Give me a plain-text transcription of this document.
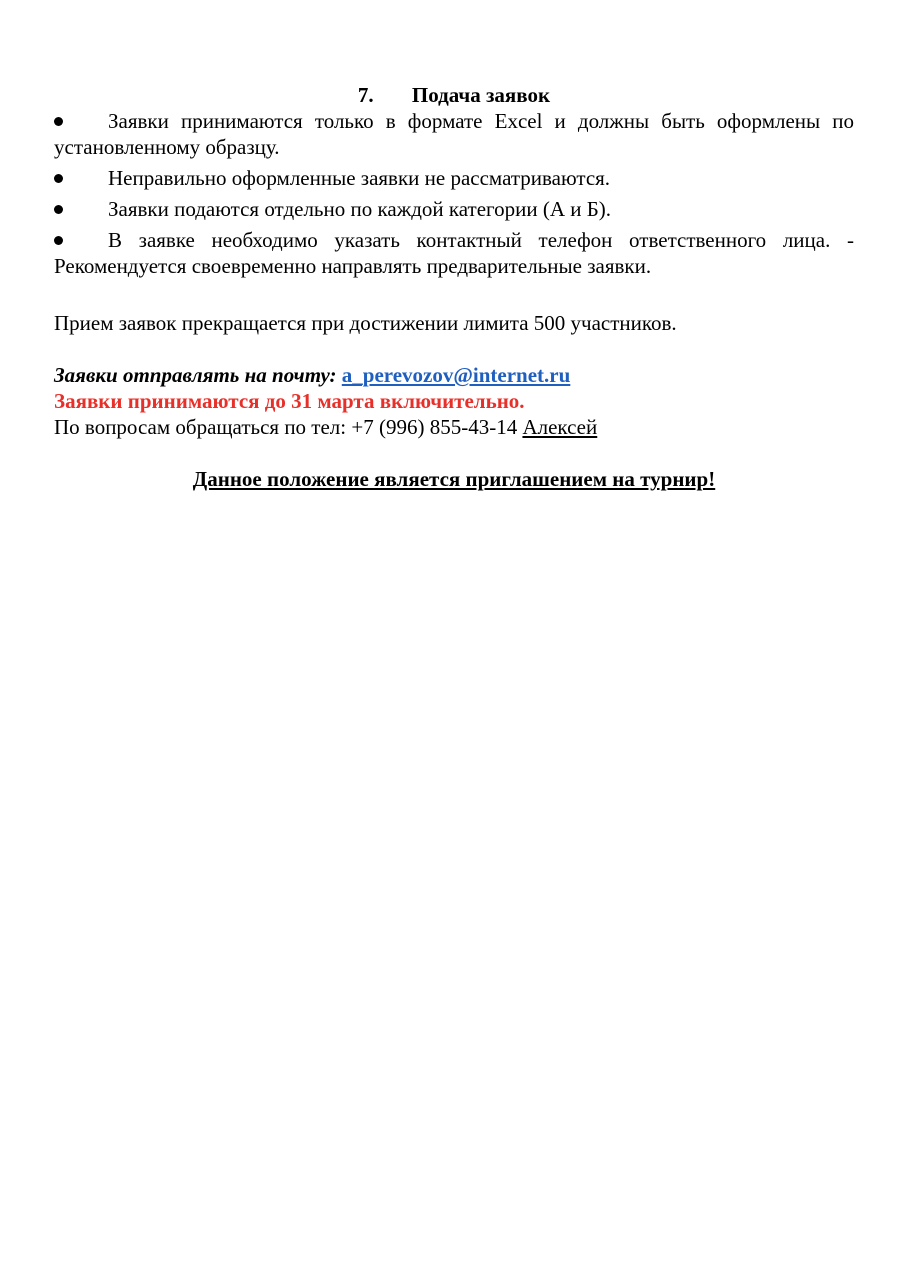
7. Подача заявок

Заявки принимаются только в формате Excel и должны быть оформлены по установленному образцу.

Неправильно оформленные заявки не рассматриваются.

Заявки подаются отдельно по каждой категории (А и Б).

В заявке необходимо указать контактный телефон ответственного лица. - Рекомендуется своевременно направлять предварительные заявки.

Прием заявок прекращается при достижении лимита 500 участников.

Заявки отправлять на почту: a_perevozov@internet.ru

Заявки принимаются до 31 марта включительно.

По вопросам обращаться по тел: +7 (996) 855-43-14 Алексей

Данное положение является приглашением на турнир!
